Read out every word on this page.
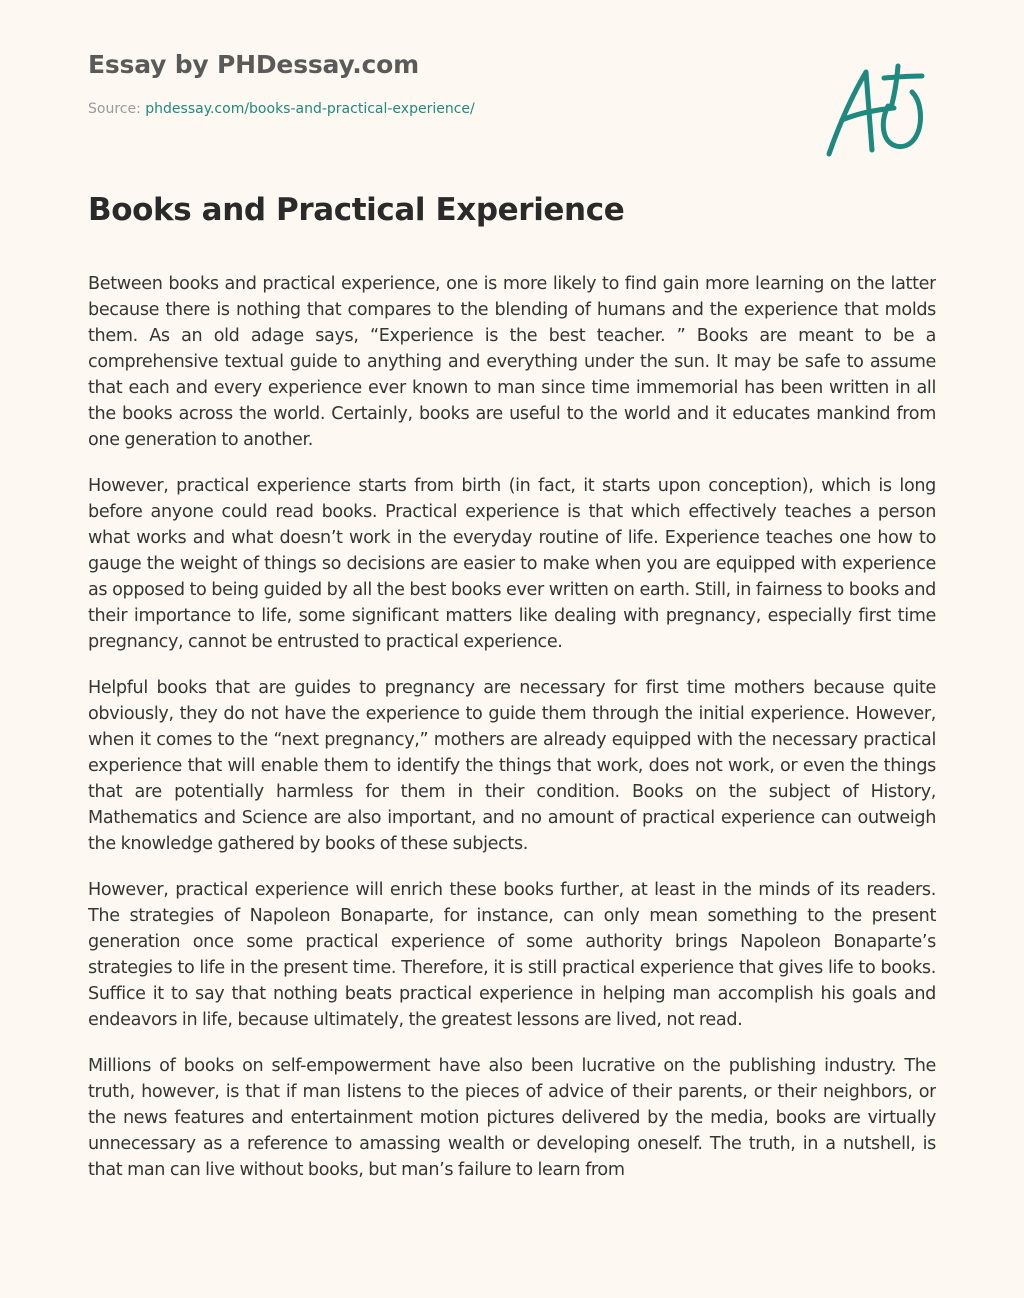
Essay by PHDessay.com

Source: phdessay.com/books-and-practical-experience/

Books and Practical Experience

Between books and practical experience, one is more likely to find gain more learning on the latter because there is nothing that compares to the blending of humans and the experience that molds them. As an old adage says, “Experience is the best teacher. ” Books are meant to be a comprehensive textual guide to anything and everything under the sun. It may be safe to assume that each and every experience ever known to man since time immemorial has been written in all the books across the world. Certainly, books are useful to the world and it educates mankind from one generation to another.

However, practical experience starts from birth (in fact, it starts upon conception), which is long before anyone could read books. Practical experience is that which effectively teaches a person what works and what doesn’t work in the everyday routine of life. Experience teaches one how to gauge the weight of things so decisions are easier to make when you are equipped with experience as opposed to being guided by all the best books ever written on earth. Still, in fairness to books and their importance to life, some significant matters like dealing with pregnancy, especially first time pregnancy, cannot be entrusted to practical experience.

Helpful books that are guides to pregnancy are necessary for first time mothers because quite obviously, they do not have the experience to guide them through the initial experience. However, when it comes to the “next pregnancy,” mothers are already equipped with the necessary practical experience that will enable them to identify the things that work, does not work, or even the things that are potentially harmless for them in their condition. Books on the subject of History, Mathematics and Science are also important, and no amount of practical experience can outweigh the knowledge gathered by books of these subjects.

However, practical experience will enrich these books further, at least in the minds of its readers. The strategies of Napoleon Bonaparte, for instance, can only mean something to the present generation once some practical experience of some authority brings Napoleon Bonaparte’s strategies to life in the present time. Therefore, it is still practical experience that gives life to books. Suffice it to say that nothing beats practical experience in helping man accomplish his goals and endeavors in life, because ultimately, the greatest lessons are lived, not read.

Millions of books on self-empowerment have also been lucrative on the publishing industry. The truth, however, is that if man listens to the pieces of advice of their parents, or their neighbors, or the news features and entertainment motion pictures delivered by the media, books are virtually unnecessary as a reference to amassing wealth or developing oneself. The truth, in a nutshell, is that man can live without books, but man’s failure to learn from
